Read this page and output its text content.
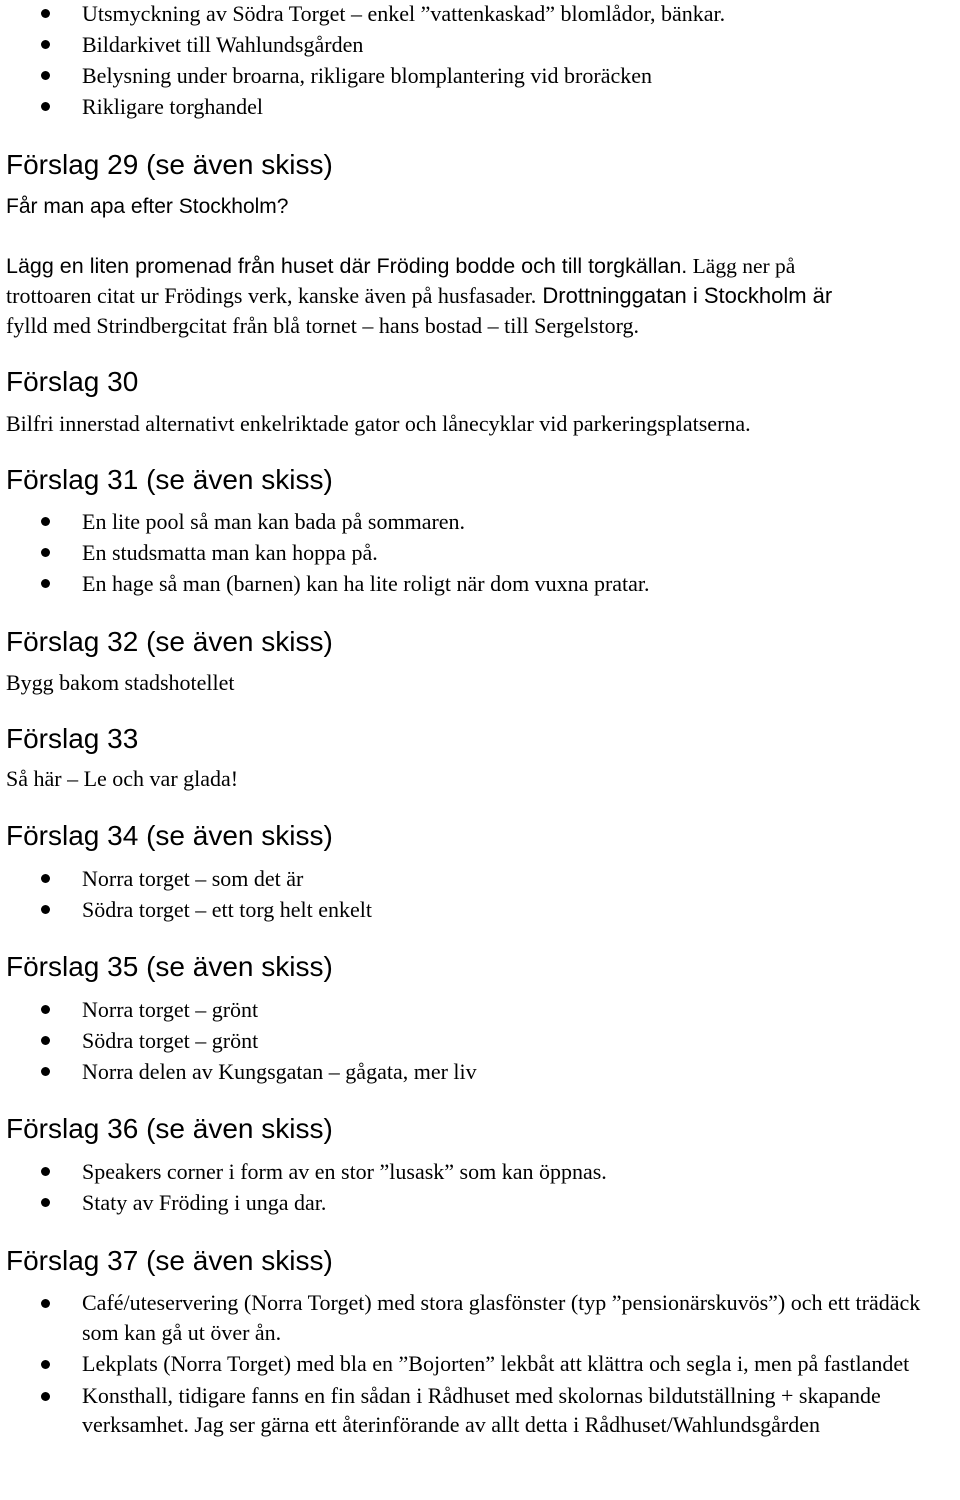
Utsmyckning av Södra Torget – enkel ”vattenkaskad” blomlådor, bänkar.
Bildarkivet till Wahlundsgården
Belysning under broarna, rikligare blomplantering vid broräcken
Rikligare torghandel
Förslag 29 (se även skiss)
Får man apa efter Stockholm?
Lägg en liten promenad från huset där Fröding bodde och till torgkällan. Lägg ner på
trottoaren citat ur Frödings verk, kanske även på husfasader. Drottninggatan i Stockholm är
fylld med Strindbergcitat från blå tornet – hans bostad – till Sergelstorg.
Förslag 30
Bilfri innerstad alternativt enkelriktade gator och lånecyklar vid parkeringsplatserna.
Förslag 31 (se även skiss)
En lite pool så man kan bada på sommaren.
En studsmatta man kan hoppa på.
En hage så man (barnen) kan ha lite roligt när dom vuxna pratar.
Förslag 32 (se även skiss)
Bygg bakom stadshotellet
Förslag 33
Så här – Le och var glada!
Förslag 34 (se även skiss)
Norra torget – som det är
Södra torget – ett torg helt enkelt
Förslag 35 (se även skiss)
Norra torget – grönt
Södra torget – grönt
Norra delen av Kungsgatan – gågata, mer liv
Förslag 36 (se även skiss)
Speakers corner i form av en stor ”lusask” som kan öppnas.
Staty av Fröding i unga dar.
Förslag 37 (se även skiss)
Café/uteservering (Norra Torget) med stora glasfönster (typ ”pensionärskuvös”) och ett trädäck som kan gå ut över ån.
Lekplats (Norra Torget) med bla en ”Bojorten” lekbåt att klättra och segla i, men på fastlandet
Konsthall, tidigare fanns en fin sådan i Rådhuset med skolornas bildutställning + skapande verksamhet. Jag ser gärna ett återinförande av allt detta i Rådhuset/Wahlundsgården
